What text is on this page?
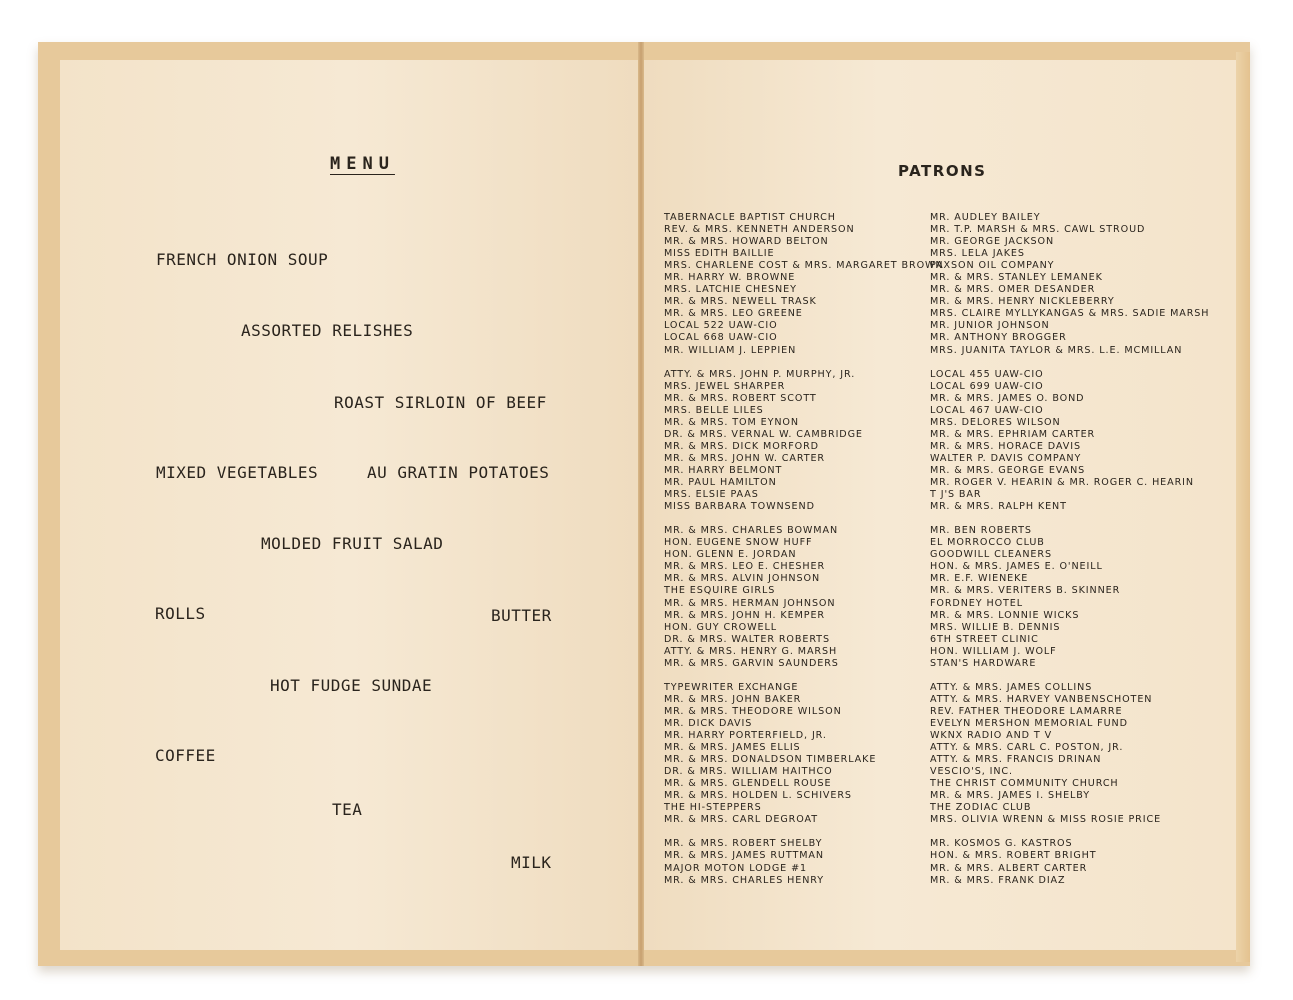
MENU
FRENCH ONION SOUP
ASSORTED RELISHES
ROAST SIRLOIN OF BEEF
MIXED VEGETABLES	AU GRATIN POTATOES
MOLDED FRUIT SALAD
ROLLS	BUTTER
HOT FUDGE SUNDAE
COFFEE
TEA
MILK
PATRONS
TABERNACLE BAPTIST CHURCH
REV. & MRS. KENNETH ANDERSON
MR. & MRS. HOWARD BELTON
MISS EDITH BAILLIE
MRS. CHARLENE COST & MRS. MARGARET BROWN
MR. HARRY W. BROWNE
MRS. LATCHIE CHESNEY
MR. & MRS. NEWELL TRASK
MR. & MRS. LEO GREENE
LOCAL 522 UAW-CIO
LOCAL 668 UAW-CIO
MR. WILLIAM J. LEPPIEN
ATTY. & MRS. JOHN P. MURPHY, JR.
MRS. JEWEL SHARPER
MR. & MRS. ROBERT SCOTT
MRS. BELLE LILES
MR. & MRS. TOM EYNON
DR. & MRS. VERNAL W. CAMBRIDGE
MR. & MRS. DICK MORFORD
MR. & MRS. JOHN W. CARTER
MR. HARRY BELMONT
MR. PAUL HAMILTON
MRS. ELSIE PAAS
MISS BARBARA TOWNSEND
MR. & MRS. CHARLES BOWMAN
HON. EUGENE SNOW HUFF
HON. GLENN E. JORDAN
MR. & MRS. LEO E. CHESHER
MR. & MRS. ALVIN JOHNSON
THE ESQUIRE GIRLS
MR. & MRS. HERMAN JOHNSON
MR. & MRS. JOHN H. KEMPER
HON. GUY CROWELL
DR. & MRS. WALTER ROBERTS
ATTY. & MRS. HENRY G. MARSH
MR. & MRS. GARVIN SAUNDERS
TYPEWRITER EXCHANGE
MR. & MRS. JOHN BAKER
MR. & MRS. THEODORE WILSON
MR. DICK DAVIS
MR. HARRY PORTERFIELD, JR.
MR. & MRS. JAMES ELLIS
MR. & MRS. DONALDSON TIMBERLAKE
DR. & MRS. WILLIAM HAITHCO
MR. & MRS. GLENDELL ROUSE
MR. & MRS. HOLDEN L. SCHIVERS
THE HI-STEPPERS
MR. & MRS. CARL DEGROAT
MR. & MRS. ROBERT SHELBY
MR. & MRS. JAMES RUTTMAN
MAJOR MOTON LODGE #1
MR. & MRS. CHARLES HENRY
MR. AUDLEY BAILEY
MR. T.P. MARSH & MRS. CAWL STROUD
MR. GEORGE JACKSON
MRS. LELA JAKES
PAXSON OIL COMPANY
MR. & MRS. STANLEY LEMANEK
MR. & MRS. OMER DESANDER
MR. & MRS. HENRY NICKLEBERRY
MRS. CLAIRE MYLLYKANGAS & MRS. SADIE MARSH
MR. JUNIOR JOHNSON
MR. ANTHONY BROGGER
MRS. JUANITA TAYLOR & MRS. L.E. MCMILLAN
LOCAL 455 UAW-CIO
LOCAL 699 UAW-CIO
MR. & MRS. JAMES O. BOND
LOCAL 467 UAW-CIO
MRS. DELORES WILSON
MR. & MRS. EPHRIAM CARTER
MR. & MRS. HORACE DAVIS
WALTER P. DAVIS COMPANY
MR. & MRS. GEORGE EVANS
MR. ROGER V. HEARIN & MR. ROGER C. HEARIN
T J'S BAR
MR. & MRS. RALPH KENT
MR. BEN ROBERTS
EL MORROCCO CLUB
GOODWILL CLEANERS
HON. & MRS. JAMES E. O'NEILL
MR. E.F. WIENEKE
MR. & MRS. VERITERS B. SKINNER
FORDNEY HOTEL
MR. & MRS. LONNIE WICKS
MRS. WILLIE B. DENNIS
6TH STREET CLINIC
HON. WILLIAM J. WOLF
STAN'S HARDWARE
ATTY. & MRS. JAMES COLLINS
ATTY. & MRS. HARVEY VANBENSCHOTEN
REV. FATHER THEODORE LAMARRE
EVELYN MERSHON MEMORIAL FUND
WKNX RADIO AND T V
ATTY. & MRS. CARL C. POSTON, JR.
ATTY. & MRS. FRANCIS DRINAN
VESCIO'S, INC.
THE CHRIST COMMUNITY CHURCH
MR. & MRS. JAMES I. SHELBY
THE ZODIAC CLUB
MRS. OLIVIA WRENN & MISS ROSIE PRICE
MR. KOSMOS G. KASTROS
HON. & MRS. ROBERT BRIGHT
MR. & MRS. ALBERT CARTER
MR. & MRS. FRANK DIAZ
